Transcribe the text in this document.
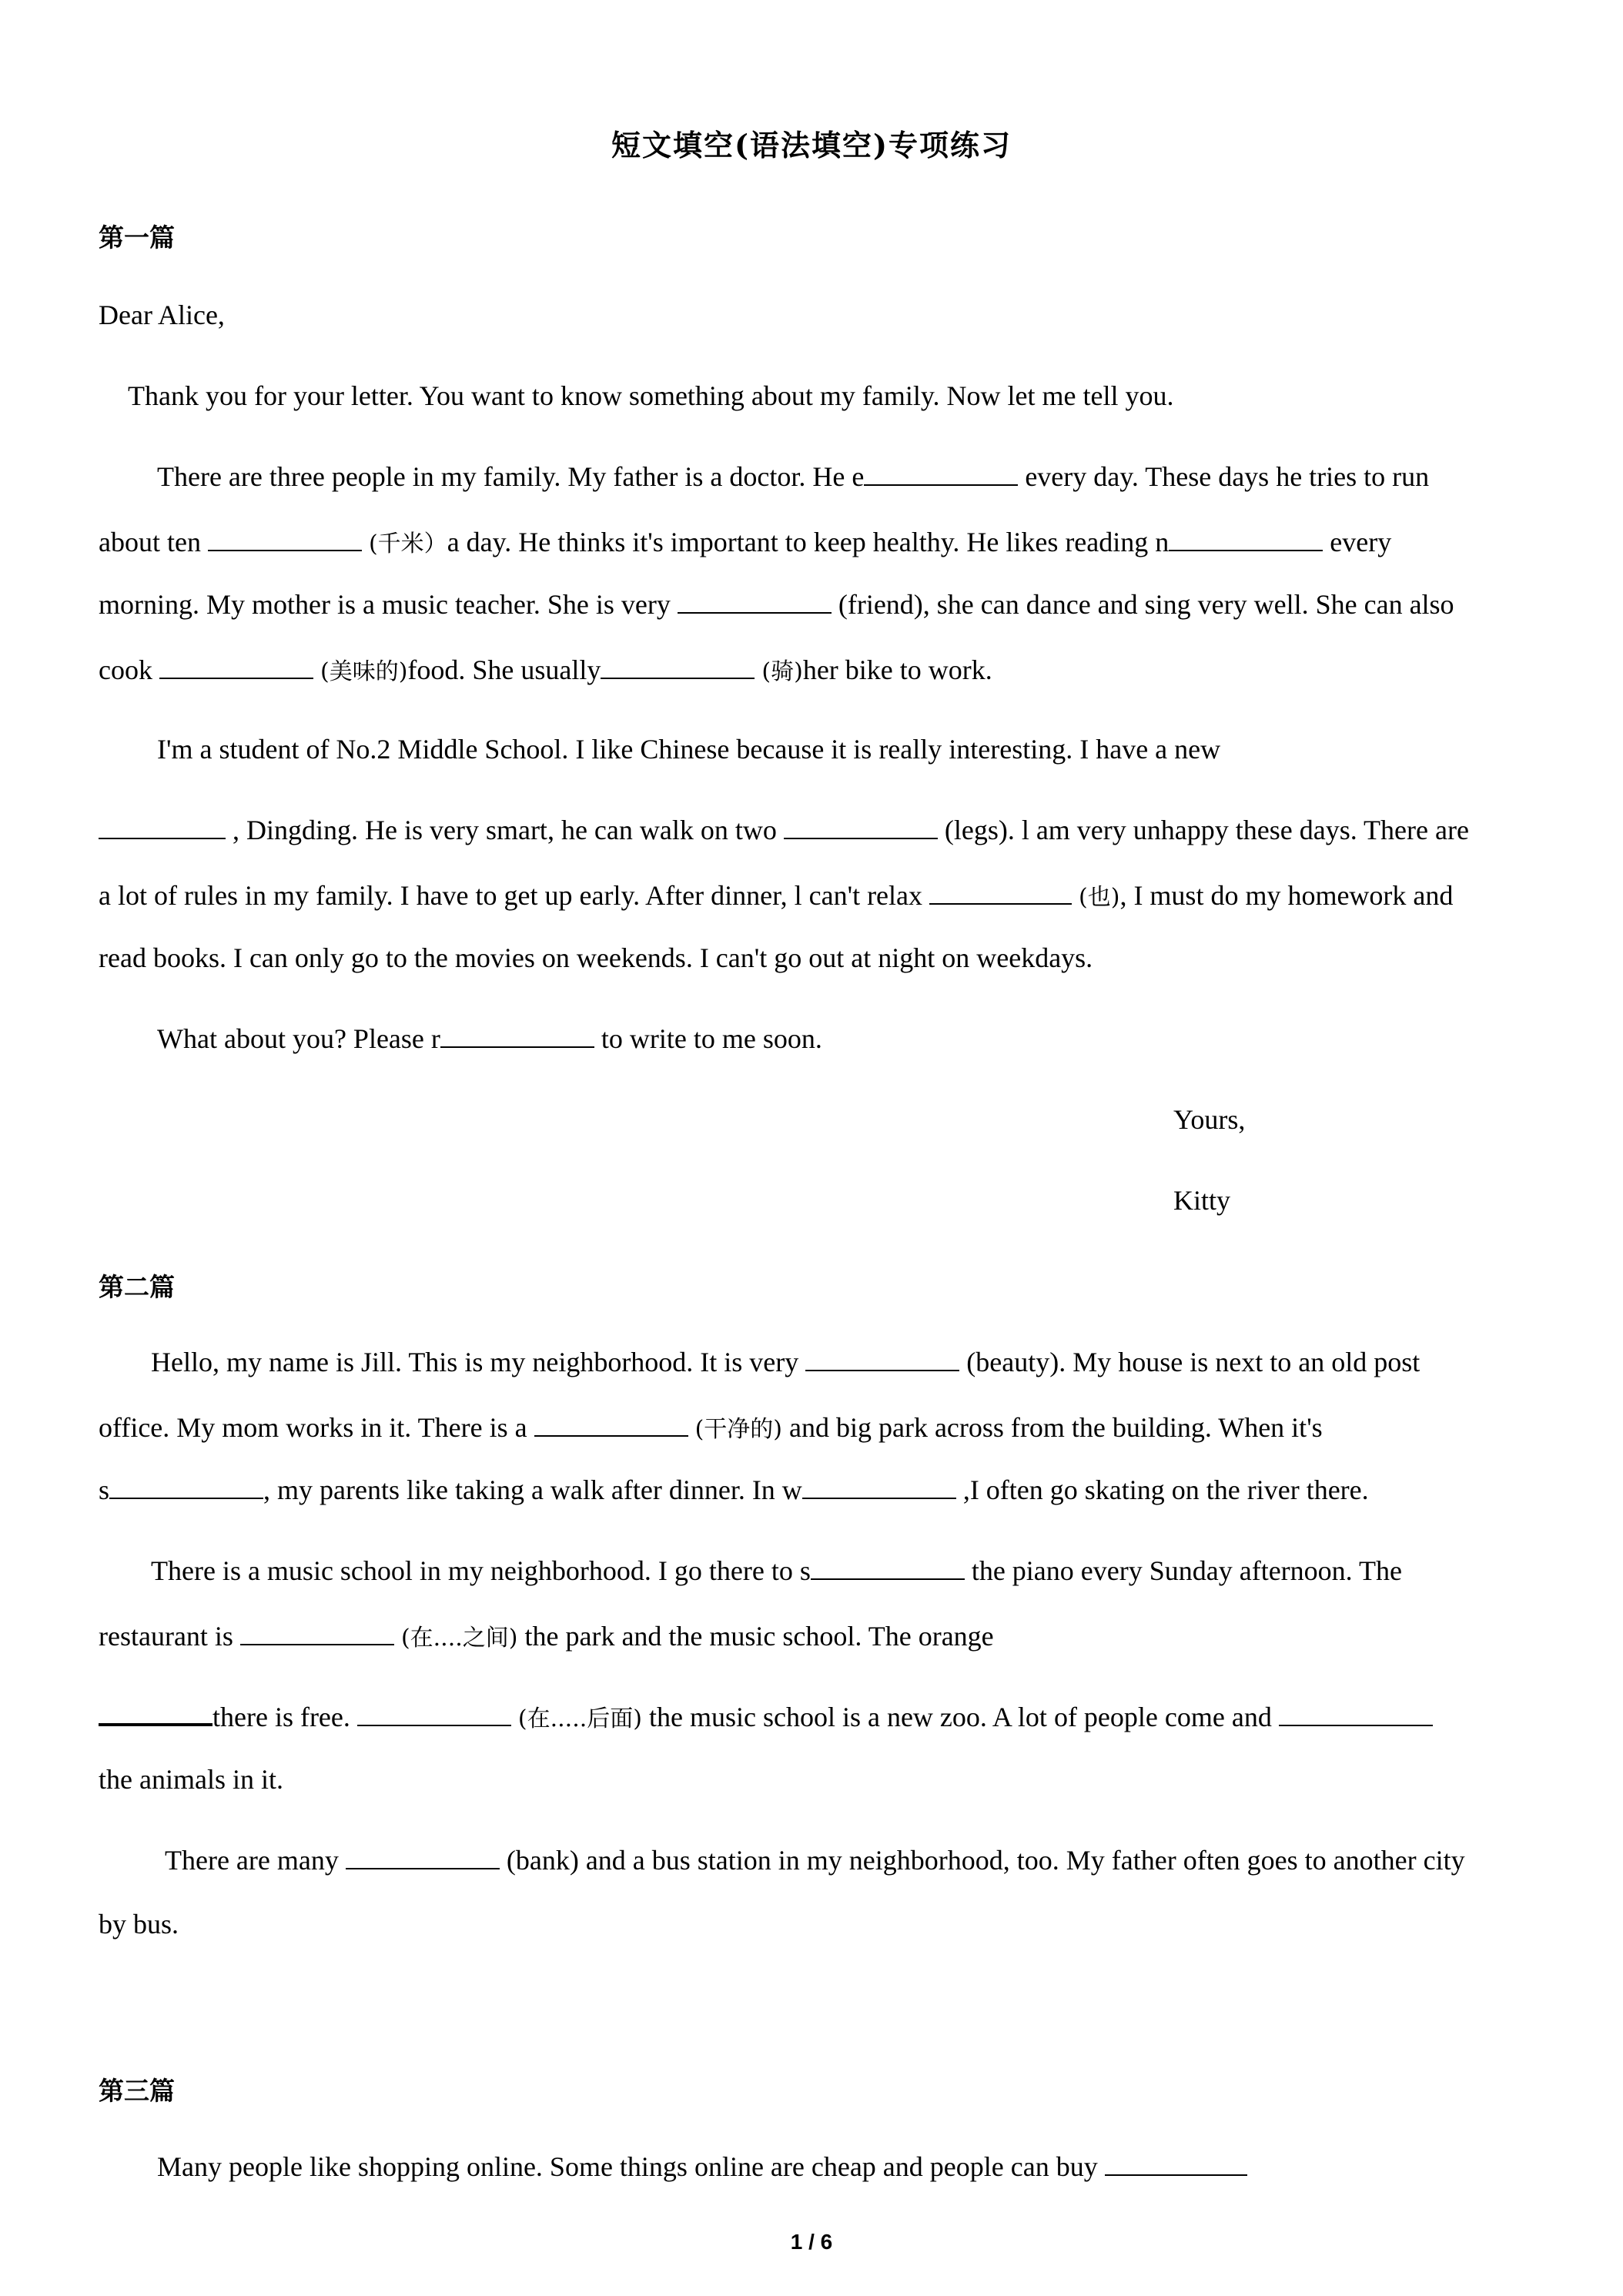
短文填空(语法填空)专项练习
第一篇
Dear Alice,
Thank you for your letter. You want to know something about my family. Now let me tell you.
There are three people in my family. My father is a doctor. He e	every day. These days he tries to run
about ten	(千米）a day. He thinks it's important to keep healthy. He likes reading n	every
morning. My mother is a music teacher. She is very	(friend), she can dance and sing very well. She can also
cook	(美味的)food. She usually	(骑)her bike to work.
I'm a student of No.2 Middle School. I like Chinese because it is really interesting. I have a new
, Dingding. He is very smart, he can walk on two	(legs). l am very unhappy these days. There are
a lot of rules in my family. I have to get up early. After dinner, l can't relax	(也), I must do my homework and
read books. I can only go to the movies on weekends. I can't go out at night on weekdays.
What about you? Please r	to write to me soon.
Yours,
Kitty
第二篇
Hello, my name is Jill. This is my neighborhood. It is very	(beauty). My house is next to an old post
office. My mom works in it. There is a	(干净的) and big park across from the building. When it's
s	, my parents like taking a walk after dinner. In w	,I often go skating on the river there.
There is a music school in my neighborhood. I go there to s	the piano every Sunday afternoon. The
restaurant is	(在....之间) the park and the music school. The orange
there is free.	(在.....后面) the music school is a new zoo. A lot of people come and
the animals in it.
There are many	(bank) and a bus station in my neighborhood, too. My father often goes to another city
by bus.
第三篇
Many people like shopping online. Some things online are cheap and people can buy
1 / 6
